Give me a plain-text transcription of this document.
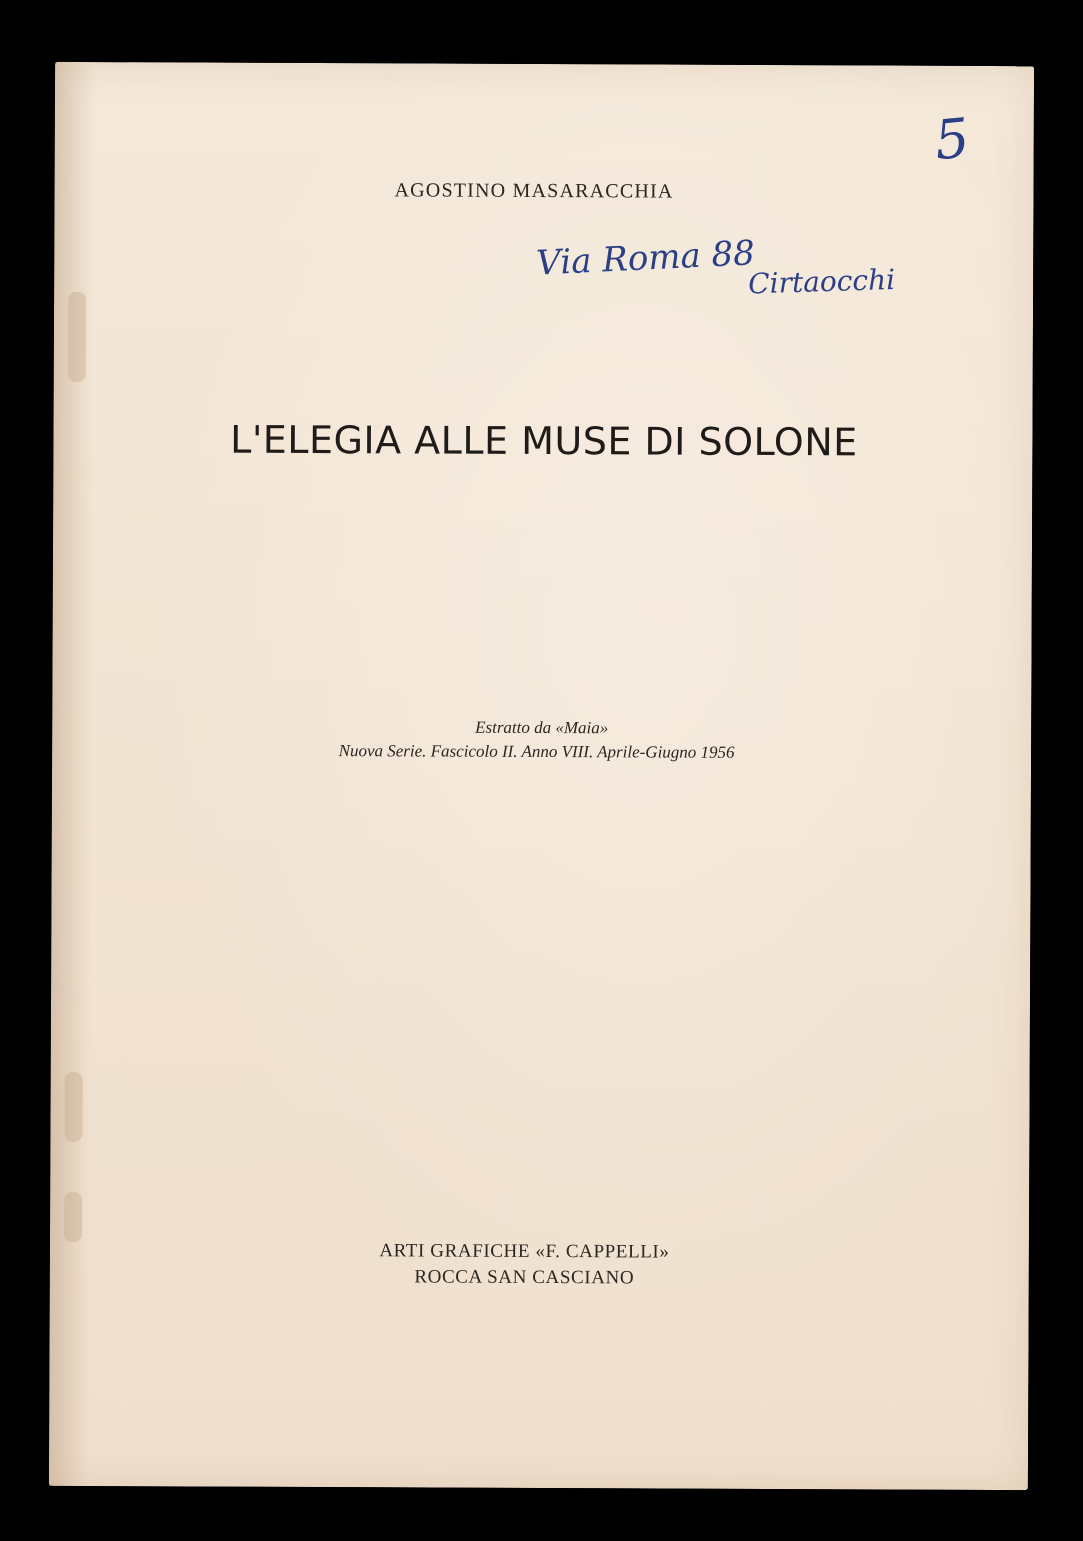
5
Via Roma 88
Cirtaocchi
AGOSTINO MASARACCHIA
L'ELEGIA ALLE MUSE DI SOLONE
Estratto da «Maia»
Nuova Serie. Fascicolo II. Anno VIII. Aprile-Giugno 1956
ARTI GRAFICHE «F. CAPPELLI»
ROCCA SAN CASCIANO
